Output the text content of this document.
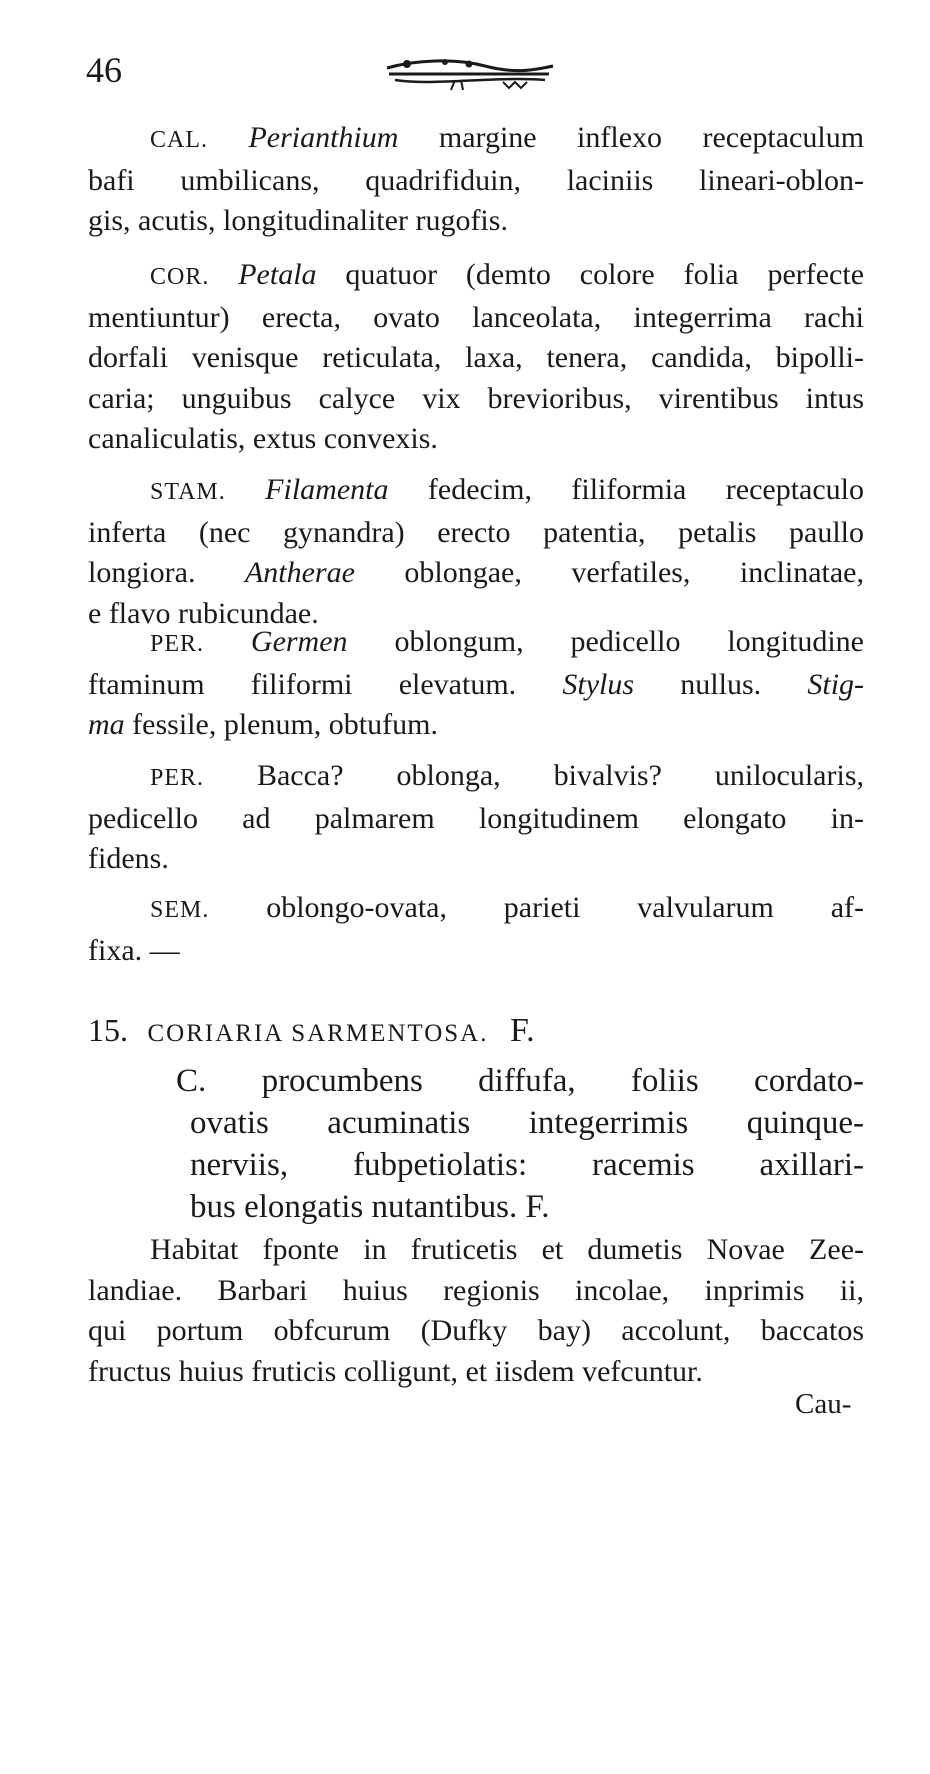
46
CAL. Perianthium margine inflexo receptaculum
bafi umbilicans, quadrifiduin, laciniis lineari-oblon-
gis, acutis, longitudinaliter rugofis.
COR. Petala quatuor (demto colore folia perfecte
mentiuntur) erecta, ovato lanceolata, integerrima rachi
dorfali venisque reticulata, laxa, tenera, candida, bipolli-
caria; unguibus calyce vix brevioribus, virentibus intus
canaliculatis, extus convexis.
STAM. Filamenta fedecim, filiformia receptaculo
inferta (nec gynandra) erecto patentia, petalis paullo
longiora. Antherae oblongae, verfatiles, inclinatae,
e flavo rubicundae.
PER. Germen oblongum, pedicello longitudine
ftaminum filiformi elevatum. Stylus nullus. Stig-
ma fessile, plenum, obtufum.
PER. Bacca? oblonga, bivalvis? unilocularis,
pedicello ad palmarem longitudinem elongato in-
fidens.
SEM. oblongo-ovata, parieti valvularum af-
fixa. —
15. CORIARIA SARMENTOSA. F.
C. procumbens diffufa, foliis cordato-
ovatis acuminatis integerrimis quinque-
nerviis, fubpetiolatis: racemis axillari-
bus elongatis nutantibus. F.
Habitat fponte in fruticetis et dumetis Novae Zee-
landiae. Barbari huius regionis incolae, inprimis ii,
qui portum obfcurum (Dufky bay) accolunt, baccatos
fructus huius fruticis colligunt, et iisdem vefcuntur.
Cau-
